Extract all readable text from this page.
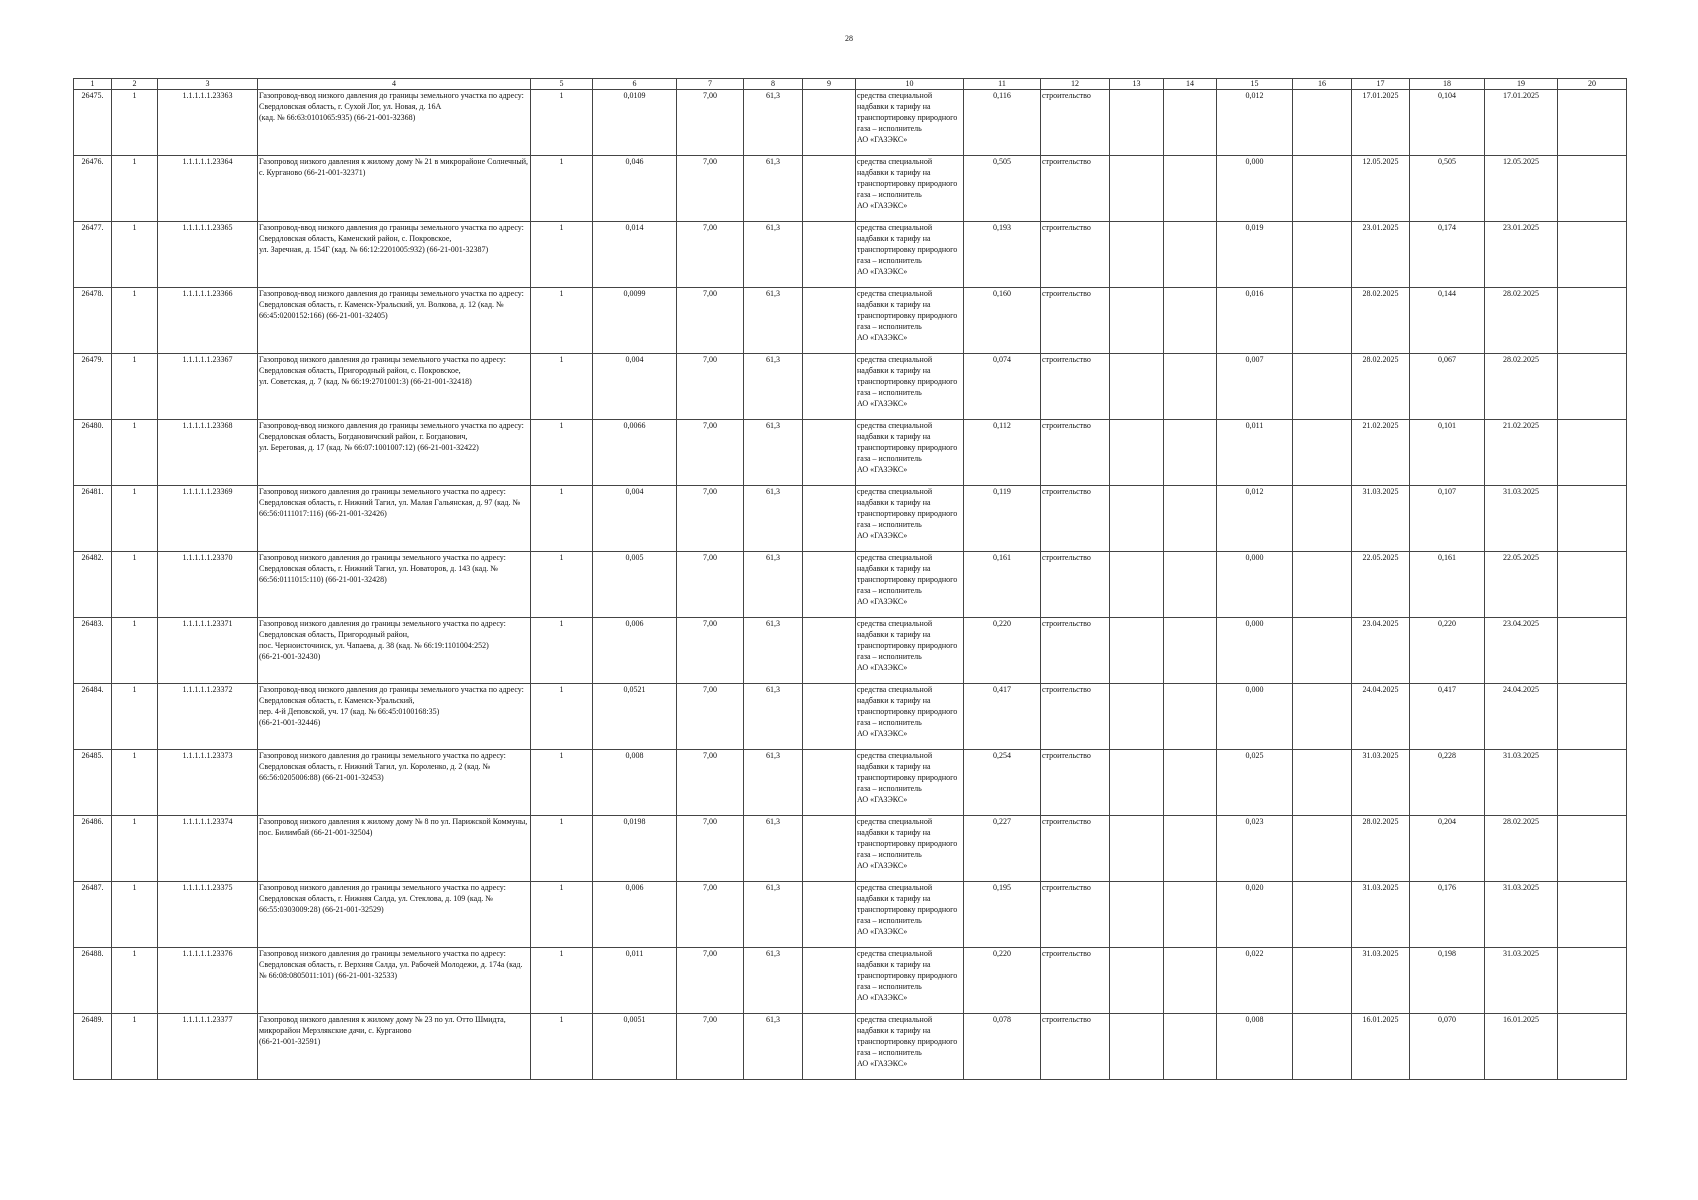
28
1	2	3	4	5	6	7	8	9	10	11	12	13	14	15	16	17	18	19	20
26475.	1	1.1.1.1.1.23363	Газопровод-ввод низкого давления до границы земельного участка по адресу: Свердловская область, г. Сухой Лог, ул. Новая, д. 16А
(кад. № 66:63:0101065:935) (66-21-001-32368)	1	0,0109	7,00	61,3		средства специальной надбавки к тарифу на транспортировку природного газа – исполнитель
АО «ГАЗЭКС»	0,116	строительство			0,012		17.01.2025	0,104	17.01.2025	
26476.	1	1.1.1.1.1.23364	Газопровод низкого давления к жилому дому № 21 в микрорайоне Солнечный, с. Курганово (66-21-001-32371)	1	0,046	7,00	61,3		средства специальной надбавки к тарифу на транспортировку природного газа – исполнитель
АО «ГАЗЭКС»	0,505	строительство			0,000		12.05.2025	0,505	12.05.2025	
26477.	1	1.1.1.1.1.23365	Газопровод-ввод низкого давления до границы земельного участка по адресу: Свердловская область, Каменский район, с. Покровское,
ул. Заречная, д. 154Г (кад. № 66:12:2201005:932) (66-21-001-32387)	1	0,014	7,00	61,3		средства специальной надбавки к тарифу на транспортировку природного газа – исполнитель
АО «ГАЗЭКС»	0,193	строительство			0,019		23.01.2025	0,174	23.01.2025	
26478.	1	1.1.1.1.1.23366	Газопровод-ввод низкого давления до границы земельного участка по адресу: Свердловская область, г. Каменск-Уральский, ул. Волкова, д. 12 (кад. № 66:45:0200152:166) (66-21-001-32405)	1	0,0099	7,00	61,3		средства специальной надбавки к тарифу на транспортировку природного газа – исполнитель
АО «ГАЗЭКС»	0,160	строительство			0,016		28.02.2025	0,144	28.02.2025	
26479.	1	1.1.1.1.1.23367	Газопровод низкого давления до границы земельного участка по адресу: Свердловская область, Пригородный район, с. Покровское,
ул. Советская, д. 7 (кад. № 66:19:2701001:3) (66-21-001-32418)	1	0,004	7,00	61,3		средства специальной надбавки к тарифу на транспортировку природного газа – исполнитель
АО «ГАЗЭКС»	0,074	строительство			0,007		28.02.2025	0,067	28.02.2025	
26480.	1	1.1.1.1.1.23368	Газопровод-ввод низкого давления до границы земельного участка по адресу: Свердловская область, Богдановичский район, г. Богданович,
ул. Береговая, д. 17 (кад. № 66:07:1001007:12) (66-21-001-32422)	1	0,0066	7,00	61,3		средства специальной надбавки к тарифу на транспортировку природного газа – исполнитель
АО «ГАЗЭКС»	0,112	строительство			0,011		21.02.2025	0,101	21.02.2025	
26481.	1	1.1.1.1.1.23369	Газопровод низкого давления до границы земельного участка по адресу: Свердловская область, г. Нижний Тагил, ул. Малая Гальянская, д. 97 (кад. № 66:56:0111017:116) (66-21-001-32426)	1	0,004	7,00	61,3		средства специальной надбавки к тарифу на транспортировку природного газа – исполнитель
АО «ГАЗЭКС»	0,119	строительство			0,012		31.03.2025	0,107	31.03.2025	
26482.	1	1.1.1.1.1.23370	Газопровод низкого давления до границы земельного участка по адресу: Свердловская область, г. Нижний Тагил, ул. Новаторов, д. 143 (кад. № 66:56:0111015:110) (66-21-001-32428)	1	0,005	7,00	61,3		средства специальной надбавки к тарифу на транспортировку природного газа – исполнитель
АО «ГАЗЭКС»	0,161	строительство			0,000		22.05.2025	0,161	22.05.2025	
26483.	1	1.1.1.1.1.23371	Газопровод низкого давления до границы земельного участка по адресу: Свердловская область, Пригородный район,
пос. Черноисточинск, ул. Чапаева, д. 38 (кад. № 66:19:1101004:252)
(66-21-001-32430)	1	0,006	7,00	61,3		средства специальной надбавки к тарифу на транспортировку природного газа – исполнитель
АО «ГАЗЭКС»	0,220	строительство			0,000		23.04.2025	0,220	23.04.2025	
26484.	1	1.1.1.1.1.23372	Газопровод-ввод низкого давления до границы земельного участка по адресу: Свердловская область, г. Каменск-Уральский,
пер. 4-й Деповской, уч. 17 (кад. № 66:45:0100168:35)
(66-21-001-32446)	1	0,0521	7,00	61,3		средства специальной надбавки к тарифу на транспортировку природного газа – исполнитель
АО «ГАЗЭКС»	0,417	строительство			0,000		24.04.2025	0,417	24.04.2025	
26485.	1	1.1.1.1.1.23373	Газопровод низкого давления до границы земельного участка по адресу: Свердловская область, г. Нижний Тагил, ул. Короленко, д. 2 (кад. № 66:56:0205006:88) (66-21-001-32453)	1	0,008	7,00	61,3		средства специальной надбавки к тарифу на транспортировку природного газа – исполнитель
АО «ГАЗЭКС»	0,254	строительство			0,025		31.03.2025	0,228	31.03.2025	
26486.	1	1.1.1.1.1.23374	Газопровод низкого давления к жилому дому № 8 по ул. Парижской Коммуны, пос. Билимбай (66-21-001-32504)	1	0,0198	7,00	61,3		средства специальной надбавки к тарифу на транспортировку природного газа – исполнитель
АО «ГАЗЭКС»	0,227	строительство			0,023		28.02.2025	0,204	28.02.2025	
26487.	1	1.1.1.1.1.23375	Газопровод низкого давления до границы земельного участка по адресу: Свердловская область, г. Нижняя Салда, ул. Стеклова, д. 109 (кад. № 66:55:0303009:28) (66-21-001-32529)	1	0,006	7,00	61,3		средства специальной надбавки к тарифу на транспортировку природного газа – исполнитель
АО «ГАЗЭКС»	0,195	строительство			0,020		31.03.2025	0,176	31.03.2025	
26488.	1	1.1.1.1.1.23376	Газопровод низкого давления до границы земельного участка по адресу: Свердловская область, г. Верхняя Салда, ул. Рабочей Молодежи, д. 174а (кад. № 66:08:0805011:101) (66-21-001-32533)	1	0,011	7,00	61,3		средства специальной надбавки к тарифу на транспортировку природного газа – исполнитель
АО «ГАЗЭКС»	0,220	строительство			0,022		31.03.2025	0,198	31.03.2025	
26489.	1	1.1.1.1.1.23377	Газопровод низкого давления к жилому дому № 23 по ул. Отто Шмидта, микрорайон Мерзлякские дачи, с. Курганово
(66-21-001-32591)	1	0,0051	7,00	61,3		средства специальной надбавки к тарифу на транспортировку природного газа – исполнитель
АО «ГАЗЭКС»	0,078	строительство			0,008		16.01.2025	0,070	16.01.2025	
